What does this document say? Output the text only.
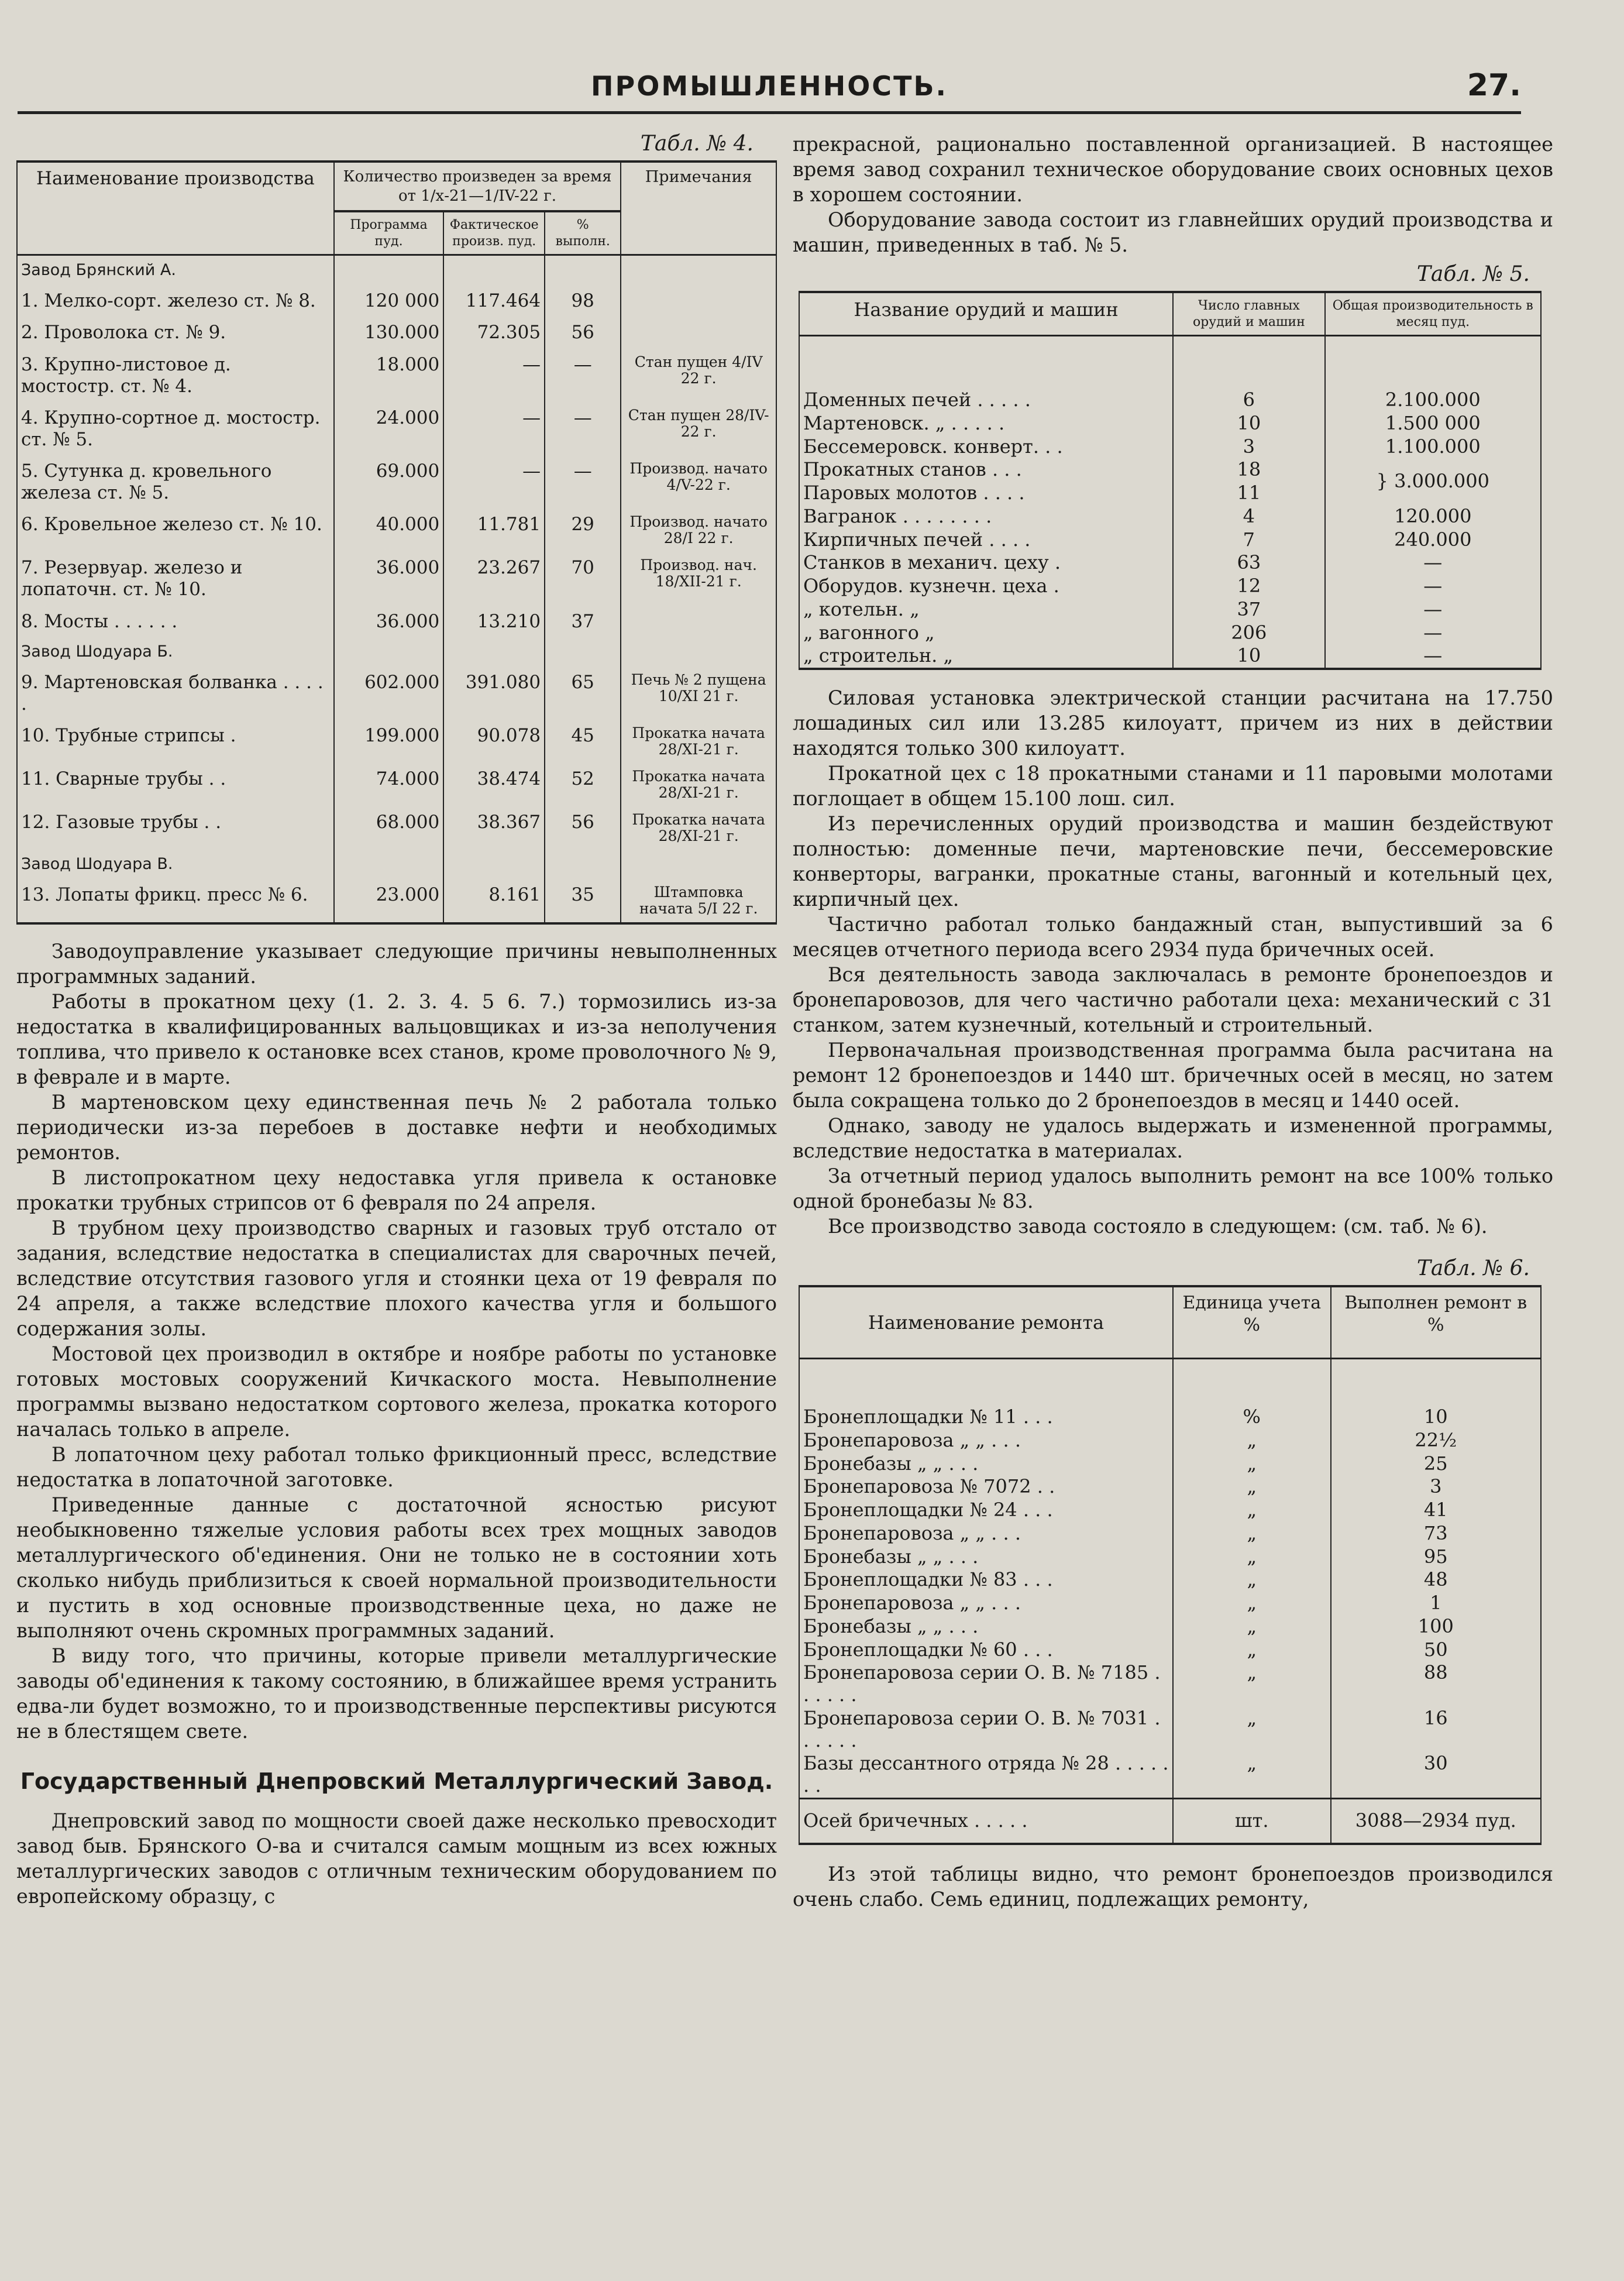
ПРОМЫШЛЕННОСТЬ.	27.
Табл. № 4.
Наименование производства	Количество произведен за время от 1/х-21—1/IV-22 г.			Примечания
	Программа пуд.	Фактическое произв. пуд.	% выполн.	
Завод Брянский А.				
1. Мелко-сорт. железо ст. № 8.	120 000	117.464	98	
2. Проволока ст. № 9.	130.000	72.305	56	
3. Крупно-листовое д. мостостр. ст. № 4.	18.000	—	—	Стан пущен 4/IV 22 г.
4. Крупно-сортное д. мостостр. ст. № 5.	24.000	—	—	Стан пущен 28/IV-22 г.
5. Сутунка д. кровельного железа ст. № 5.	69.000	—	—	Производ. начато 4/V-22 г.
6. Кровельное железо ст. № 10.	40.000	11.781	29	Производ. начато 28/I 22 г.
7. Резервуар. железо и лопаточн. ст. № 10.	36.000	23.267	70	Производ. нач. 18/XII-21 г.
8. Мосты . . . . . .	36.000	13.210	37	
Завод Шодуара Б.				
9. Мартеновская болванка . . . . .	602.000	391.080	65	Печь № 2 пущена 10/XI 21 г.
10. Трубные стрипсы .	199.000	90.078	45	Прокатка начата 28/XI-21 г.
11. Сварные трубы . .	74.000	38.474	52	Прокатка начата 28/XI-21 г.
12. Газовые трубы . .	68.000	38.367	56	Прокатка начата 28/XI-21 г.
Завод Шодуара В.				
13. Лопаты фрикц. пресс № 6.	23.000	8.161	35	Штамповка начата 5/I 22 г.

Заводоуправление указывает следующие причины невыполненных программных заданий.

Работы в прокатном цеху (1. 2. 3. 4. 5 6. 7.) тормозились из-за недостатка в квалифицированных вальцовщиках и из-за неполучения топлива, что привело к остановке всех станов, кроме проволочного № 9, в феврале и в марте.

В мартеновском цеху единственная печь № 2 работала только периодически из-за перебоев в доставке нефти и необходимых ремонтов.

В листопрокатном цеху недоставка угля привела к остановке прокатки трубных стрипсов от 6 февраля по 24 апреля.

В трубном цеху производство сварных и газовых труб отстало от задания, вследствие недостатка в специалистах для сварочных печей, вследствие отсутствия газового угля и стоянки цеха от 19 февраля по 24 апреля, а также вследствие плохого качества угля и большого содержания золы.

Мостовой цех производил в октябре и ноябре работы по установке готовых мостовых сооружений Кичкаского моста. Невыполнение программы вызвано недостатком сортового железа, прокатка которого началась только в апреле.

В лопаточном цеху работал только фрикционный пресс, вследствие недостатка в лопаточной заготовке.

Приведенные данные с достаточной ясностью рисуют необыкновенно тяжелые условия работы всех трех мощных заводов металлургического об'единения. Они не только не в состоянии хоть сколько нибудь приблизиться к своей нормальной производительности и пустить в ход основные производственные цеха, но даже не выполняют очень скромных программных заданий.

В виду того, что причины, которые привели металлургические заводы об'единения к такому состоянию, в ближайшее время устранить едва-ли будет возможно, то и производственные перспективы рисуются не в блестящем свете.

Государственный Днепровский Металлургический Завод.

Днепровский завод по мощности своей даже несколько превосходит завод быв. Брянского О-ва и считался самым мощным из всех южных металлургических заводов с отличным техническим оборудованием по европейскому образцу, с

прекрасной, рационально поставленной организацией. В настоящее время завод сохранил техническое оборудование своих основных цехов в хорошем состоянии.

Оборудование завода состоит из главнейших орудий производства и машин, приведенных в таб. № 5.

Табл. № 5.
Название орудий и машин	Число главных орудий и машин	Общая производительность в месяц пуд.
Доменных печей . . . . .	6	2.100.000
Мартеновск. „ . . . . .	10	1.500 000
Бессемеровск. конверт. . .	3	1.100.000
Прокатных станов . . .	18	} 3.000.000
Паровых молотов . . . .	11	
Вагранок . . . . . . . .	4	120.000
Кирпичных печей . . . .	7	240.000
Станков в механич. цеху .	63	—
Оборудов. кузнечн. цеха .	12	—
„ котельн. „	37	—
„ вагонного „	206	—
„ строительн. „	10	—

Силовая установка электрической станции расчитана на 17.750 лошадиных сил или 13.285 килоуатт, причем из них в действии находятся только 300 килоуатт.

Прокатной цех с 18 прокатными станами и 11 паровыми молотами поглощает в общем 15.100 лош. сил.

Из перечисленных орудий производства и машин бездействуют полностью: доменные печи, мартеновские печи, бессемеровские конверторы, вагранки, прокатные станы, вагонный и котельный цех, кирпичный цех.

Частично работал только бандажный стан, выпустивший за 6 месяцев отчетного периода всего 2934 пуда бричечных осей.

Вся деятельность завода заключалась в ремонте бронепоездов и бронепаровозов, для чего частично работали цеха: механический с 31 станком, затем кузнечный, котельный и строительный.

Первоначальная производственная программа была расчитана на ремонт 12 бронепоездов и 1440 шт. бричечных осей в месяц, но затем была сокращена только до 2 бронепоездов в месяц и 1440 осей.

Однако, заводу не удалось выдержать и измененной программы, вследствие недостатка в материалах.

За отчетный период удалось выполнить ремонт на все 100% только одной бронебазы № 83.

Все производство завода состояло в следующем: (см. таб. № 6).

Табл. № 6.
Наименование ремонта	Единица учета %	Выполнен ремонт в %
Бронеплощадки № 11 . . .	%	10
Бронепаровоза „ „ . . .	„	22½
Бронебазы „ „ . . .	„	25
Бронепаровоза № 7072 . .	„	3
Бронеплощадки № 24 . . .	„	41
Бронепаровоза „ „ . . .	„	73
Бронебазы „ „ . . .	„	95
Бронеплощадки № 83 . . .	„	48
Бронепаровоза „ „ . . .	„	1
Бронебазы „ „ . . .	„	100
Бронеплощадки № 60 . . .	„	50
Бронепаровоза серии О. В. № 7185 . . . . . .	„	88
Бронепаровоза серии О. В. № 7031 . . . . . .	„	16
Базы дессантного отряда № 28 . . . . . . .	„	30
Осей бричечных . . . . .	шт.	3088—2934 пуд.

Из этой таблицы видно, что ремонт бронепоездов производился очень слабо. Семь единиц, подлежащих ремонту,
